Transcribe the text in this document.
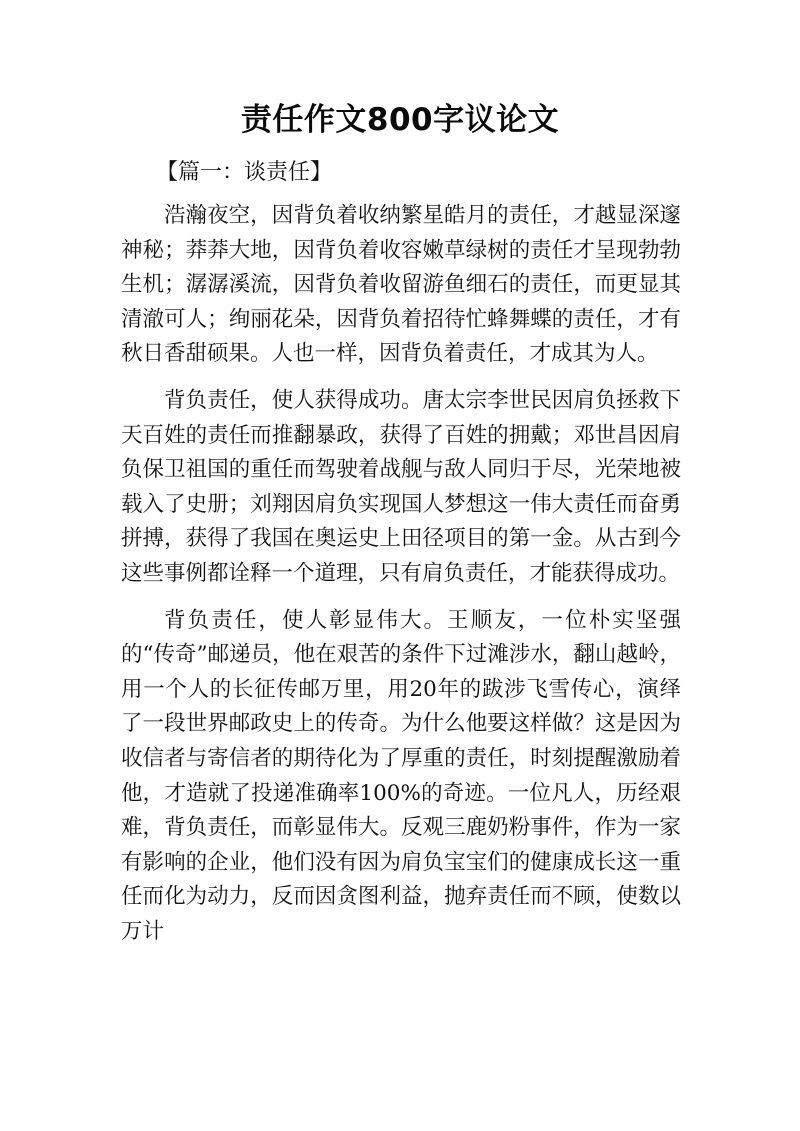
责任作文800字议论文
【篇一：谈责任】

浩瀚夜空，因背负着收纳繁星皓月的责任，才越显深邃神秘；莽莽大地，因背负着收容嫩草绿树的责任才呈现勃勃生机；潺潺溪流，因背负着收留游鱼细石的责任，而更显其清澈可人；绚丽花朵，因背负着招待忙蜂舞蝶的责任，才有秋日香甜硕果。人也一样，因背负着责任，才成其为人。

背负责任，使人获得成功。唐太宗李世民因肩负拯救下天百姓的责任而推翻暴政，获得了百姓的拥戴；邓世昌因肩负保卫祖国的重任而驾驶着战舰与敌人同归于尽，光荣地被载入了史册；刘翔因肩负实现国人梦想这一伟大责任而奋勇拼搏，获得了我国在奥运史上田径项目的第一金。从古到今这些事例都诠释一个道理，只有肩负责任，才能获得成功。

背负责任，使人彰显伟大。王顺友，一位朴实坚强的“传奇”邮递员，他在艰苦的条件下过滩涉水，翻山越岭，用一个人的长征传邮万里，用20年的跋涉飞雪传心，演绎了一段世界邮政史上的传奇。为什么他要这样做？这是因为收信者与寄信者的期待化为了厚重的责任，时刻提醒激励着他，才造就了投递准确率100%的奇迹。一位凡人，历经艰难，背负责任，而彰显伟大。反观三鹿奶粉事件，作为一家有影响的企业，他们没有因为肩负宝宝们的健康成长这一重任而化为动力，反而因贪图利益，抛弃责任而不顾，使数以万计
